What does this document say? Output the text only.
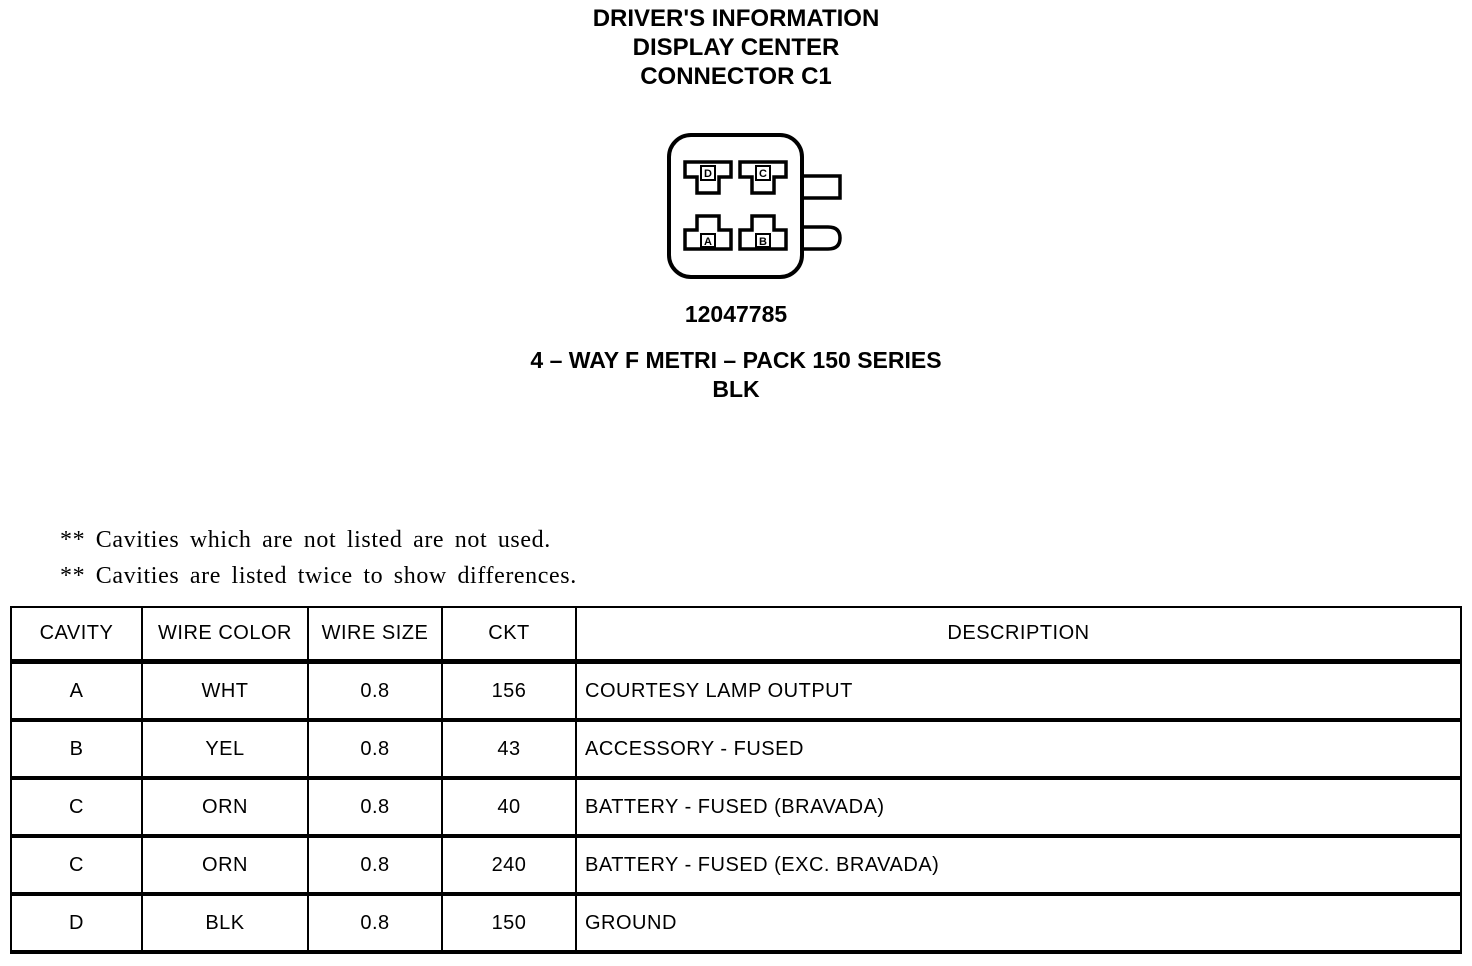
DRIVER'S INFORMATION
DISPLAY CENTER
CONNECTOR C1
D	C
A	B
12047785
4 – WAY F METRI – PACK 150 SERIES
BLK
** Cavities which are not listed are not used.
** Cavities are listed twice to show differences.
CAVITY	WIRE COLOR	WIRE SIZE	CKT	DESCRIPTION
A	WHT	0.8	156	COURTESY LAMP OUTPUT
B	YEL	0.8	43	ACCESSORY - FUSED
C	ORN	0.8	40	BATTERY - FUSED (BRAVADA)
C	ORN	0.8	240	BATTERY - FUSED (EXC. BRAVADA)
D	BLK	0.8	150	GROUND
